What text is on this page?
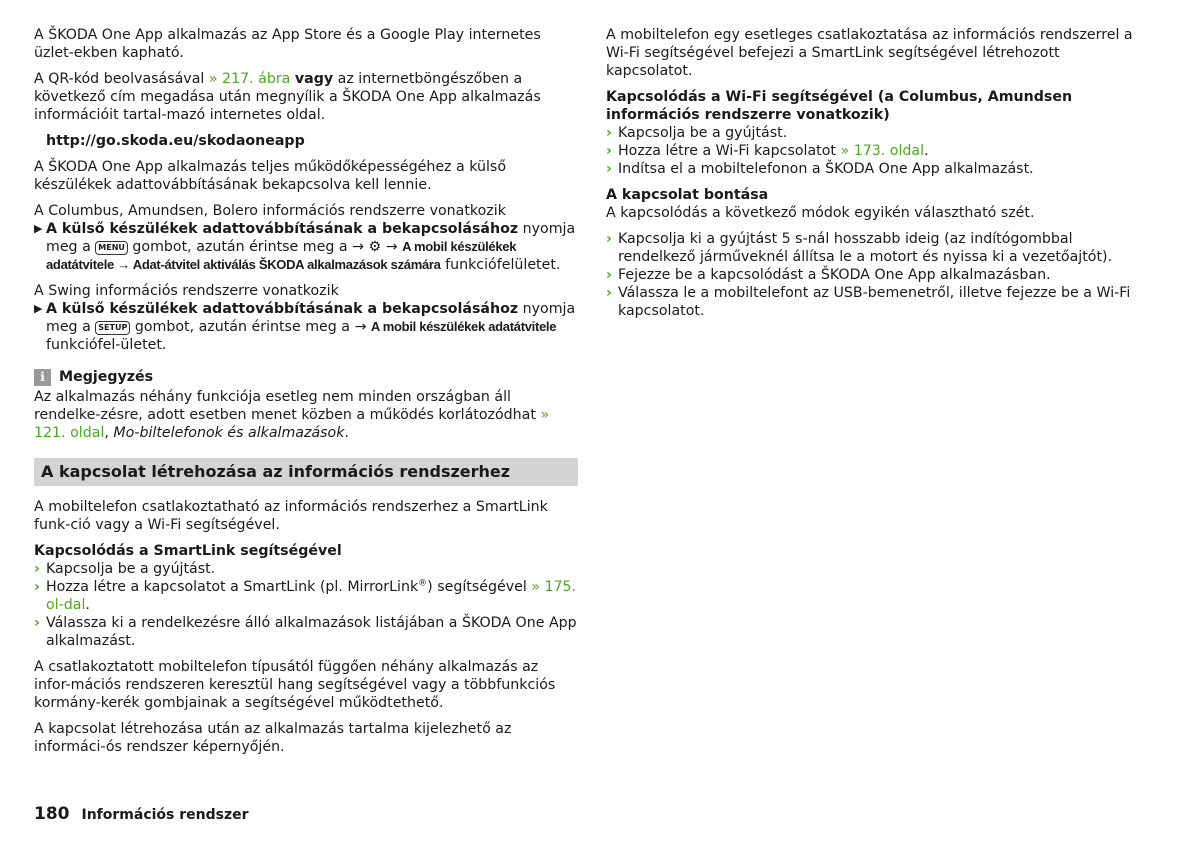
A ŠKODA One App alkalmazás az App Store és a Google Play internetes üzlet-ekben kapható.

A QR-kód beolvasásával » 217. ábra vagy az internetböngészőben a következő cím megadása után megnyílik a ŠKODA One App alkalmazás információit tartal-mazó internetes oldal.

http://go.skoda.eu/skodaoneapp

A ŠKODA One App alkalmazás teljes működőképességéhez a külső készülékek adattovábbításának bekapcsolva kell lennie.

A Columbus, Amundsen, Bolero információs rendszerre vonatkozik

▶ A külső készülékek adattovábbításának a bekapcsolásához nyomja meg a MENU gombot, azután érintse meg a → ⚙ → A mobil készülékek adatátvitele → Adat-átvitel aktiválás ŠKODA alkalmazások számára funkciófelületet.

A Swing információs rendszerre vonatkozik

▶ A külső készülékek adattovábbításának a bekapcsolásához nyomja meg a SETUP gombot, azután érintse meg a → A mobil készülékek adatátvitele funkciófel-ületet.
i	Megjegyzés

Az alkalmazás néhány funkciója esetleg nem minden országban áll rendelke-zésre, adott esetben menet közben a működés korlátozódhat » 121. oldal, Mo-biltelefonok és alkalmazások.

A kapcsolat létrehozása az információs rendszerhez

A mobiltelefon csatlakoztatható az információs rendszerhez a SmartLink funk-ció vagy a Wi-Fi segítségével.

Kapcsolódás a SmartLink segítségével

› Kapcsolja be a gyújtást.
› Hozza létre a kapcsolatot a SmartLink (pl. MirrorLink®) segítségével » 175. ol-dal.
› Válassza ki a rendelkezésre álló alkalmazások listájában a ŠKODA One App alkalmazást.

A csatlakoztatott mobiltelefon típusától függően néhány alkalmazás az infor-mációs rendszeren keresztül hang segítségével vagy a többfunkciós kormány-kerék gombjainak a segítségével működtethető.

A kapcsolat létrehozása után az alkalmazás tartalma kijelezhető az informáci-ós rendszer képernyőjén.

A mobiltelefon egy esetleges csatlakoztatása az információs rendszerrel a Wi-Fi segítségével befejezi a SmartLink segítségével létrehozott kapcsolatot.

Kapcsolódás a Wi-Fi segítségével (a Columbus, Amundsen információs rendszerre vonatkozik)

› Kapcsolja be a gyújtást.
› Hozza létre a Wi-Fi kapcsolatot » 173. oldal.
› Indítsa el a mobiltelefonon a ŠKODA One App alkalmazást.

A kapcsolat bontása

A kapcsolódás a következő módok egyikén választható szét.

› Kapcsolja ki a gyújtást 5 s-nál hosszabb ideig (az indítógombbal rendelkező járműveknél állítsa le a motort és nyissa ki a vezetőajtót).
› Fejezze be a kapcsolódást a ŠKODA One App alkalmazásban.
› Válassza le a mobiltelefont az USB-bemenetről, illetve fejezze be a Wi-Fi kapcsolatot.
180 Információs rendszer
